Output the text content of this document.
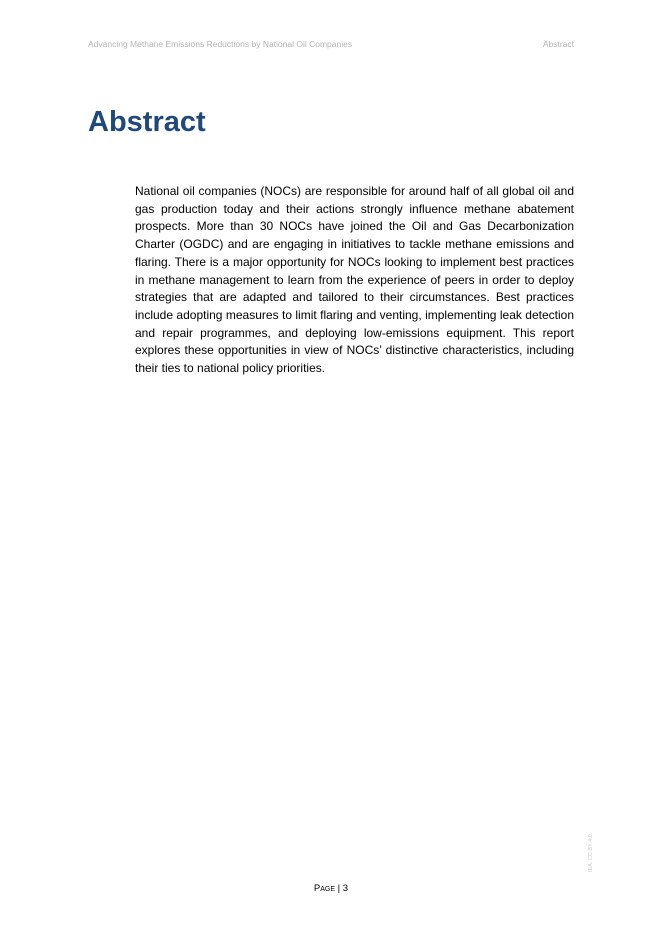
Advancing Methane Emissions Reductions by National Oil Companies	Abstract
Abstract

National oil companies (NOCs) are responsible for around half of all global oil and gas production today and their actions strongly influence methane abatement prospects. More than 30 NOCs have joined the Oil and Gas Decarbonization Charter (OGDC) and are engaging in initiatives to tackle methane emissions and flaring. There is a major opportunity for NOCs looking to implement best practices in methane management to learn from the experience of peers in order to deploy strategies that are adapted and tailored to their circumstances. Best practices include adopting measures to limit flaring and venting, implementing leak detection and repair programmes, and deploying low-emissions equipment. This report explores these opportunities in view of NOCs’ distinctive characteristics, including their ties to national policy priorities.

Page | 3
IEA. CC BY 4.0.
